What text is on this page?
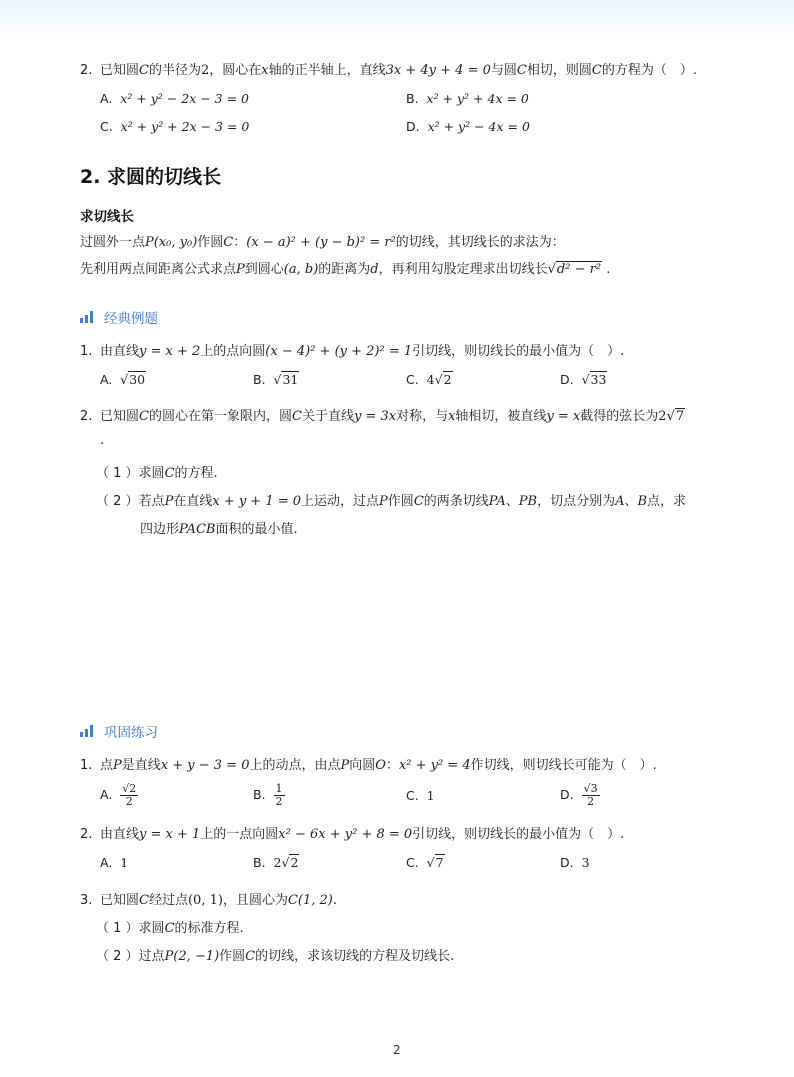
2. 已知圆C的半径为2，圆心在x轴的正半轴上，直线3x + 4y + 4 = 0与圆C相切，则圆C的方程为（　）.
A. x² + y² − 2x − 3 = 0	B. x² + y² + 4x = 0
C. x² + y² + 2x − 3 = 0	D. x² + y² − 4x = 0
2. 求圆的切线长
求切线长
过圆外一点P(x₀, y₀)作圆C：(x − a)² + (y − b)² = r²的切线，其切线长的求法为：
先利用两点间距离公式求点P到圆心(a, b)的距离为d，再利用勾股定理求出切线长√d² − r² .
经典例题
1. 由直线y = x + 2上的点向圆(x − 4)² + (y + 2)² = 1引切线，则切线长的最小值为（　）.
A. √30	B. √31	C. 4√2	D. √33
2. 已知圆C的圆心在第一象限内，圆C关于直线y = 3x对称，与x轴相切，被直线y = x截得的弦长为2√7
.
（ 1 ）求圆C的方程.
（ 2 ）若点P在直线x + y + 1 = 0上运动，过点P作圆C的两条切线PA、PB，切点分别为A、B点，求
四边形PACB面积的最小值.
巩固练习
1. 点P是直线x + y − 3 = 0上的动点，由点P向圆O：x² + y² = 4作切线，则切线长可能为（　）.
A. $\frac{√2}{2}$	B. $\frac{1}{2}$	C. 1	D. $\frac{√3}{2}$
2. 由直线y = x + 1上的一点向圆x² − 6x + y² + 8 = 0引切线，则切线长的最小值为（　）.
A. 1	B. 2√2	C. √7	D. 3
3. 已知圆C经过点(0, 1)，且圆心为C(1, 2).
（ 1 ）求圆C的标准方程.
（ 2 ）过点P(2, −1)作圆C的切线，求该切线的方程及切线长.
2
